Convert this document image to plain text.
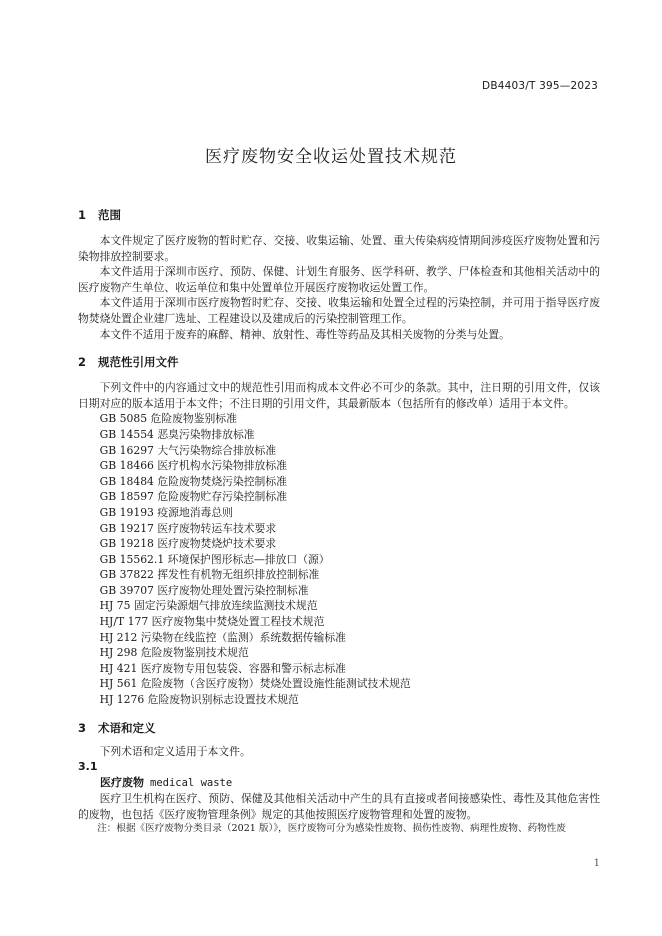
DB4403/T 395—2023
医疗废物安全收运处置技术规范
1 范围
本文件规定了医疗废物的暂时贮存、交接、收集运输、处置、重大传染病疫情期间涉疫医疗废物处置和污染物排放控制要求。
本文件适用于深圳市医疗、预防、保健、计划生育服务、医学科研、教学、尸体检查和其他相关活动中的医疗废物产生单位、收运单位和集中处置单位开展医疗废物收运处置工作。
本文件适用于深圳市医疗废物暂时贮存、交接、收集运输和处置全过程的污染控制，并可用于指导医疗废物焚烧处置企业建厂选址、工程建设以及建成后的污染控制管理工作。
本文件不适用于废弃的麻醉、精神、放射性、毒性等药品及其相关废物的分类与处置。
2 规范性引用文件
下列文件中的内容通过文中的规范性引用而构成本文件必不可少的条款。其中，注日期的引用文件，仅该日期对应的版本适用于本文件；不注日期的引用文件，其最新版本（包括所有的修改单）适用于本文件。
GB 5085 危险废物鉴别标准
GB 14554 恶臭污染物排放标准
GB 16297 大气污染物综合排放标准
GB 18466 医疗机构水污染物排放标准
GB 18484 危险废物焚烧污染控制标准
GB 18597 危险废物贮存污染控制标准
GB 19193 疫源地消毒总则
GB 19217 医疗废物转运车技术要求
GB 19218 医疗废物焚烧炉技术要求
GB 15562.1 环境保护图形标志—排放口（源）
GB 37822 挥发性有机物无组织排放控制标准
GB 39707 医疗废物处理处置污染控制标准
HJ 75 固定污染源烟气排放连续监测技术规范
HJ/T 177 医疗废物集中焚烧处置工程技术规范
HJ 212 污染物在线监控（监测）系统数据传输标准
HJ 298 危险废物鉴别技术规范
HJ 421 医疗废物专用包装袋、容器和警示标志标准
HJ 561 危险废物（含医疗废物）焚烧处置设施性能测试技术规范
HJ 1276 危险废物识别标志设置技术规范
3 术语和定义
下列术语和定义适用于本文件。
3.1
医疗废物 medical waste
医疗卫生机构在医疗、预防、保健及其他相关活动中产生的具有直接或者间接感染性、毒性及其他危害性的废物，也包括《医疗废物管理条例》规定的其他按照医疗废物管理和处置的废物。
注：根据《医疗废物分类目录（2021 版）》，医疗废物可分为感染性废物、损伤性废物、病理性废物、药物性废
1
